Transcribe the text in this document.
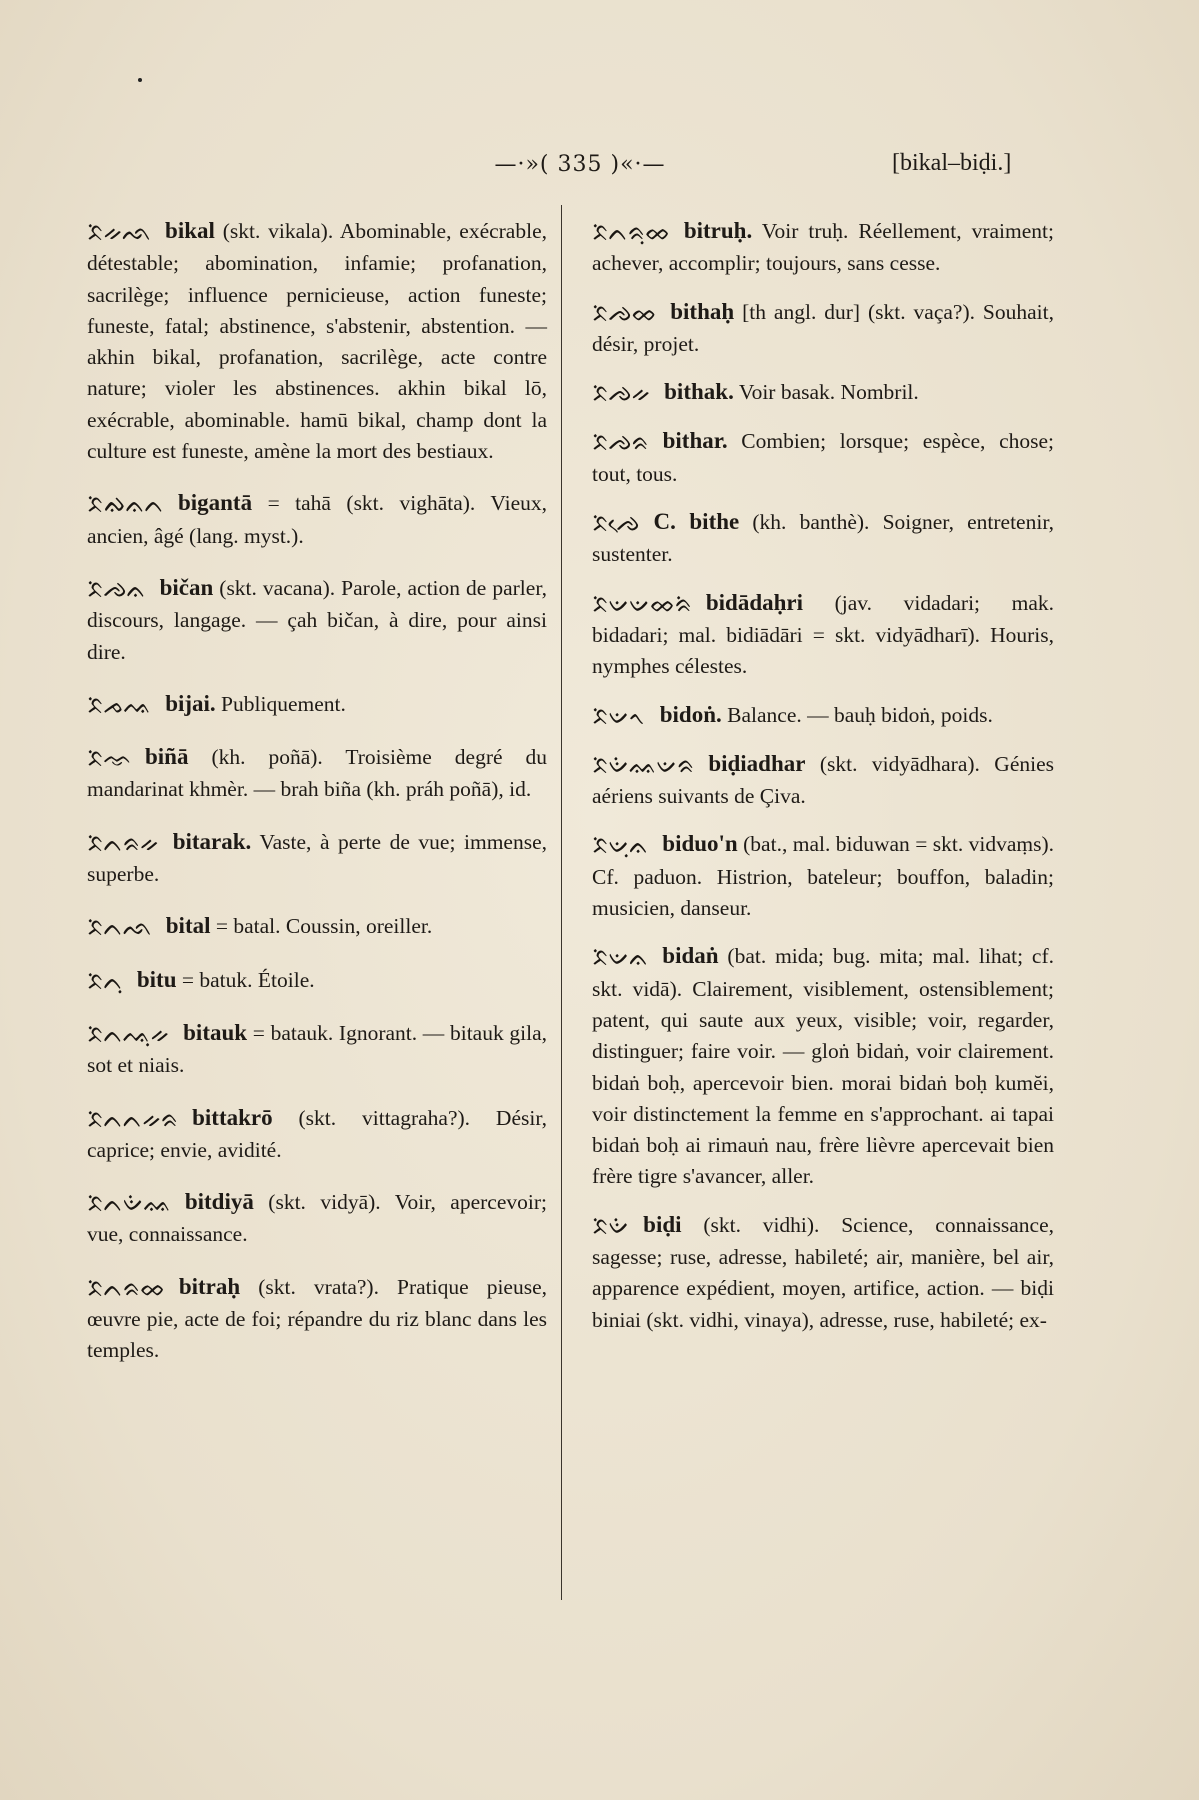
—·»( 335 )«·—	[bikal–biḍi.]
ᨅᨗᨀᨒ bikal (skt. vikala). Abominable, exécrable, détestable; abomination, infamie; profanation, sacrilège; influence pernicieuse, action funeste; funeste, fatal; abstinence, s'abstenir, abstention. — akhin bikal, profanation, sacrilège, acte contre nature; violer les abstinences. akhin bikal lō, exécrable, abominable. hamū bikal, champ dont la culture est funeste, amène la mort des bestiaux.
ᨅᨗᨁᨊᨈ bigantā = tahā (skt. vighāta). Vieux, ancien, âgé (lang. myst.).
ᨅᨗᨌᨊ bičan (skt. vacana). Parole, action de parler, discours, langage. — çah bičan, à dire, pour ainsi dire.
ᨅᨗᨍᨕ bijai. Publiquement.
ᨅᨗᨎ biñā (kh. poñā). Troisième degré du mandarinat khmèr. — brah biña (kh. práh poñā), id.
ᨅᨗᨈᨑᨀ bitarak. Vaste, à perte de vue; immense, superbe.
ᨅᨗᨈᨒ bital = batal. Coussin, oreiller.
ᨅᨗᨈᨘ bitu = batuk. Étoile.
ᨅᨗᨈᨕᨘᨀ bitauk = batauk. Ignorant. — bitauk gila, sot et niais.
ᨅᨗᨈᨈᨀᨑ bittakrō (skt. vittagraha?). Désir, caprice; envie, avidité.
ᨅᨗᨈᨉᨗᨐ bitdiyā (skt. vidyā). Voir, apercevoir; vue, connaissance.
ᨅᨗᨈᨑᨖ bitraḥ (skt. vrata?). Pratique pieuse, œuvre pie, acte de foi; répandre du riz blanc dans les temples.
ᨅᨗᨈᨑᨘᨖ bitruḥ. Voir truḥ. Réellement, vraiment; achever, accomplir; toujours, sans cesse.
ᨅᨗᨌᨖ bithaḥ [th angl. dur] (skt. vaça?). Souhait, désir, projet.
ᨅᨗᨌᨀ bithak. Voir basak. Nombril.
ᨅᨗᨌᨑ bithar. Combien; lorsque; espèce, chose; tout, tous.
ᨅᨗᨌᨙ C. bithe (kh. banthè). Soigner, entretenir, sustenter.
ᨅᨗᨉᨉᨖᨑᨗ bidādaḥri (jav. vidadari; mak. bidadari; mal. bidiādāri = skt. vidyādharī). Houris, nymphes célestes.
ᨅᨗᨉᨚ bidoṅ. Balance. — bauḥ bidoṅ, poids.
ᨅᨗᨉᨗᨐᨉᨑ biḍiadhar (skt. vidyādhara). Génies aériens suivants de Çiva.
ᨅᨗᨉᨘᨊ biduo'n (bat., mal. biduwan = skt. vidvaṃs). Cf. paduon. Histrion, bateleur; bouffon, baladin; musicien, danseur.
ᨅᨗᨉᨊ bidaṅ (bat. mida; bug. mita; mal. lihat; cf. skt. vidā). Clairement, visiblement, ostensiblement; patent, qui saute aux yeux, visible; voir, regarder, distinguer; faire voir. — gloṅ bidaṅ, voir clairement. bidaṅ boḥ, apercevoir bien. morai bidaṅ boḥ kumĕi, voir distinctement la femme en s'approchant. ai tapai bidaṅ boḥ ai rimauṅ nau, frère lièvre apercevait bien frère tigre s'avancer, aller.
ᨅᨗᨉᨗ biḍi (skt. vidhi). Science, connaissance, sagesse; ruse, adresse, habileté; air, manière, bel air, apparence expédient, moyen, artifice, action. — biḍi biniai (skt. vidhi, vinaya), adresse, ruse, habileté; ex-
